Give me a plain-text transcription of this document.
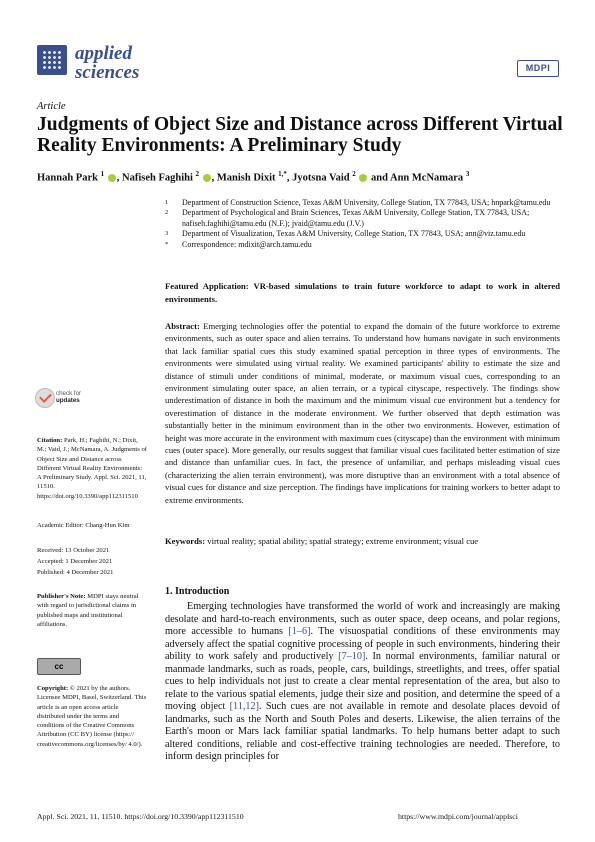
applied
sciences	MDPI
Article
Judgments of Object Size and Distance across Different Virtual Reality Environments: A Preliminary Study
Hannah Park $^1$ , Nafiseh Faghihi $^2$ , Manish Dixit $^{1,*}$, Jyotsna Vaid $^2$  and Ann McNamara $^3$
1	Department of Construction Science, Texas A&M University, College Station, TX 77843, USA; hnpark@tamu.edu
2	Department of Psychological and Brain Sciences, Texas A&M University, College Station, TX 77843, USA; nafiseh.faghihi@tamu.edu (N.F.); jvaid@tamu.edu (J.V.)
3	Department of Visualization, Texas A&M University, College Station, TX 77843, USA; ann@viz.tamu.edu
*	Correspondence: mdixit@arch.tamu.edu
Featured Application: VR-based simulations to train future workforce to adapt to work in altered environments.
Abstract: Emerging technologies offer the potential to expand the domain of the future workforce to extreme environments, such as outer space and alien terrains. To understand how humans navigate in such environments that lack familiar spatial cues this study examined spatial perception in three types of environments. The environments were simulated using virtual reality. We examined participants' ability to estimate the size and distance of stimuli under conditions of minimal, moderate, or maximum visual cues, corresponding to an environment simulating outer space, an alien terrain, or a typical cityscape, respectively. The findings show underestimation of distance in both the maximum and the minimum visual cue environment but a tendency for overestimation of distance in the moderate environment. We further observed that depth estimation was substantially better in the minimum environment than in the other two environments. However, estimation of height was more accurate in the environment with maximum cues (cityscape) than the environment with minimum cues (outer space). More generally, our results suggest that familiar visual cues facilitated better estimation of size and distance than unfamiliar cues. In fact, the presence of unfamiliar, and perhaps misleading visual cues (characterizing the alien terrain environment), was more disruptive than an environment with a total absence of visual cues for distance and size perception. The findings have implications for training workers to better adapt to extreme environments.
Keywords: virtual reality; spatial ability; spatial strategy; extreme environment; visual cue
1. Introduction

Emerging technologies have transformed the world of work and increasingly are making desolate and hard-to-reach environments, such as outer space, deep oceans, and polar regions, more accessible to humans [1–6]. The visuospatial conditions of these environments may adversely affect the spatial cognitive processing of people in such environments, hindering their ability to work safely and productively [7–10]. In normal environments, familiar natural or manmade landmarks, such as roads, people, cars, buildings, streetlights, and trees, offer spatial cues to help individuals not just to create a clear mental representation of the area, but also to relate to the various spatial elements, judge their size and position, and determine the speed of a moving object [11,12]. Such cues are not available in remote and desolate places devoid of landmarks, such as the North and South Poles and deserts. Likewise, the alien terrains of the Earth's moon or Mars lack familiar spatial landmarks. To help humans better adapt to such altered conditions, reliable and cost-effective training technologies are needed. Therefore, to inform design principles for

check for
updates
Citation: Park, H.; Faghihi, N.; Dixit, M.; Vaid, J.; McNamara, A. Judgments of Object Size and Distance across Different Virtual Reality Environments: A Preliminary Study. Appl. Sci. 2021, 11, 11510. https://doi.org/10.3390/app112311510
Academic Editor: Chang-Hun Kim
Received: 13 October 2021
Accepted: 1 December 2021
Published: 4 December 2021
Publisher's Note: MDPI stays neutral with regard to jurisdictional claims in published maps and institutional affiliations.
cc
Copyright: © 2021 by the authors. Licensee MDPI, Basel, Switzerland. This article is an open access article distributed under the terms and conditions of the Creative Commons Attribution (CC BY) license (https:// creativecommons.org/licenses/by/ 4.0/).
Appl. Sci. 2021, 11, 11510. https://doi.org/10.3390/app112311510	https://www.mdpi.com/journal/applsci
